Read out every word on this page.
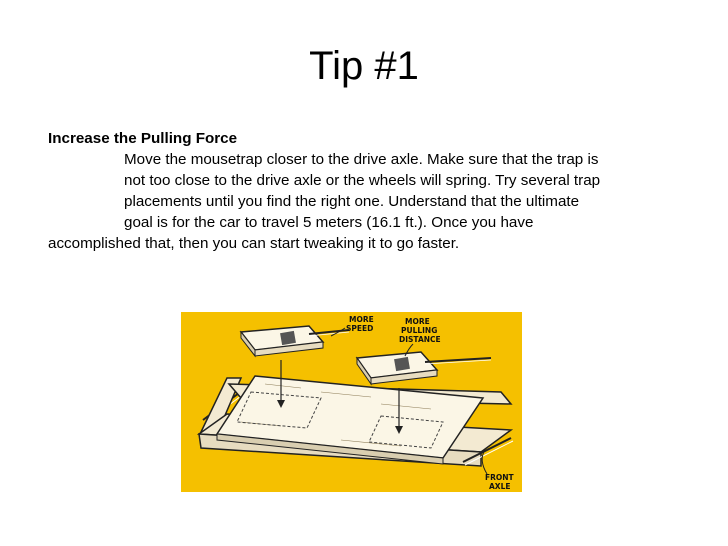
Tip #1
Increase the Pulling Force
Move the mousetrap closer to the drive axle. Make sure that the trap is
not too close to the drive axle or the wheels will spring. Try several trap
placements until you find the right one. Understand that the ultimate
goal is for the car to travel 5 meters (16.1 ft.). Once you have
accomplished that, then you can start tweaking it to go faster.
MORE
SPEED
MORE
PULLING
DISTANCE
FRONT
AXLE
